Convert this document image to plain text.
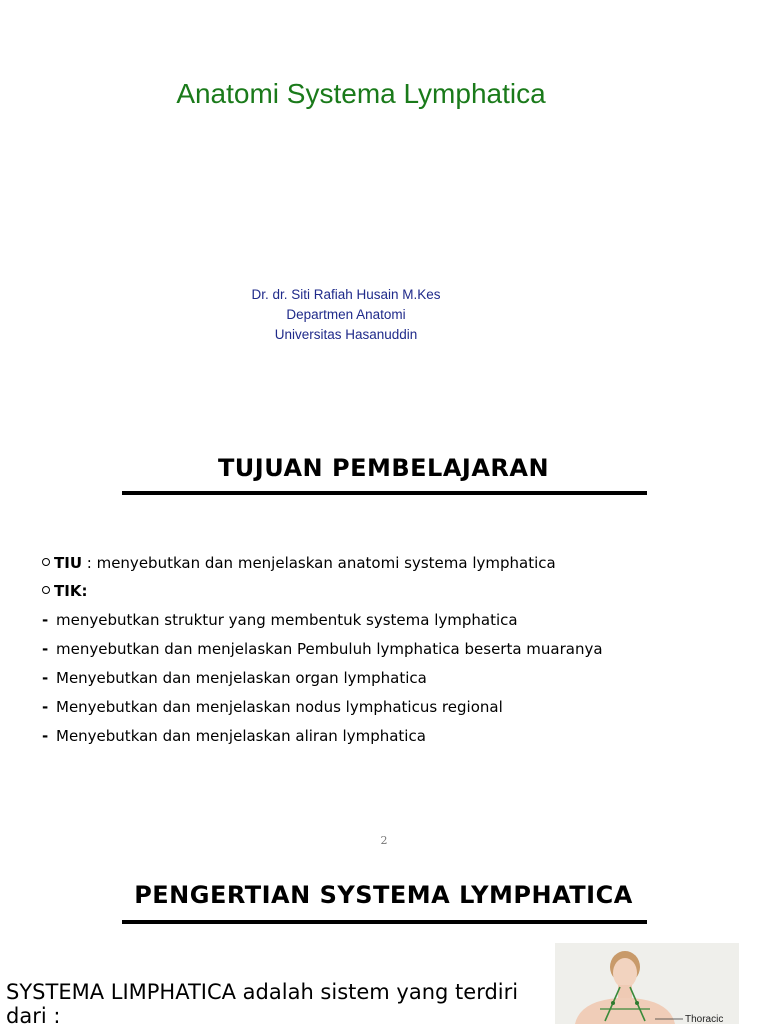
Anatomi Systema Lymphatica
Dr. dr. Siti Rafiah Husain M.Kes
Departmen Anatomi
Universitas Hasanuddin
TUJUAN PEMBELAJARAN
TIU : menyebutkan dan menjelaskan anatomi systema lymphatica
TIK:
- menyebutkan struktur yang membentuk systema lymphatica
- menyebutkan dan menjelaskan Pembuluh lymphatica beserta muaranya
- Menyebutkan dan menjelaskan organ lymphatica
- Menyebutkan dan menjelaskan nodus lymphaticus regional
- Menyebutkan dan menjelaskan aliran lymphatica
2
PENGERTIAN SYSTEMA LYMPHATICA
SYSTEMA LIMPHATICA adalah sistem yang terdiri dari :	Thoracic
